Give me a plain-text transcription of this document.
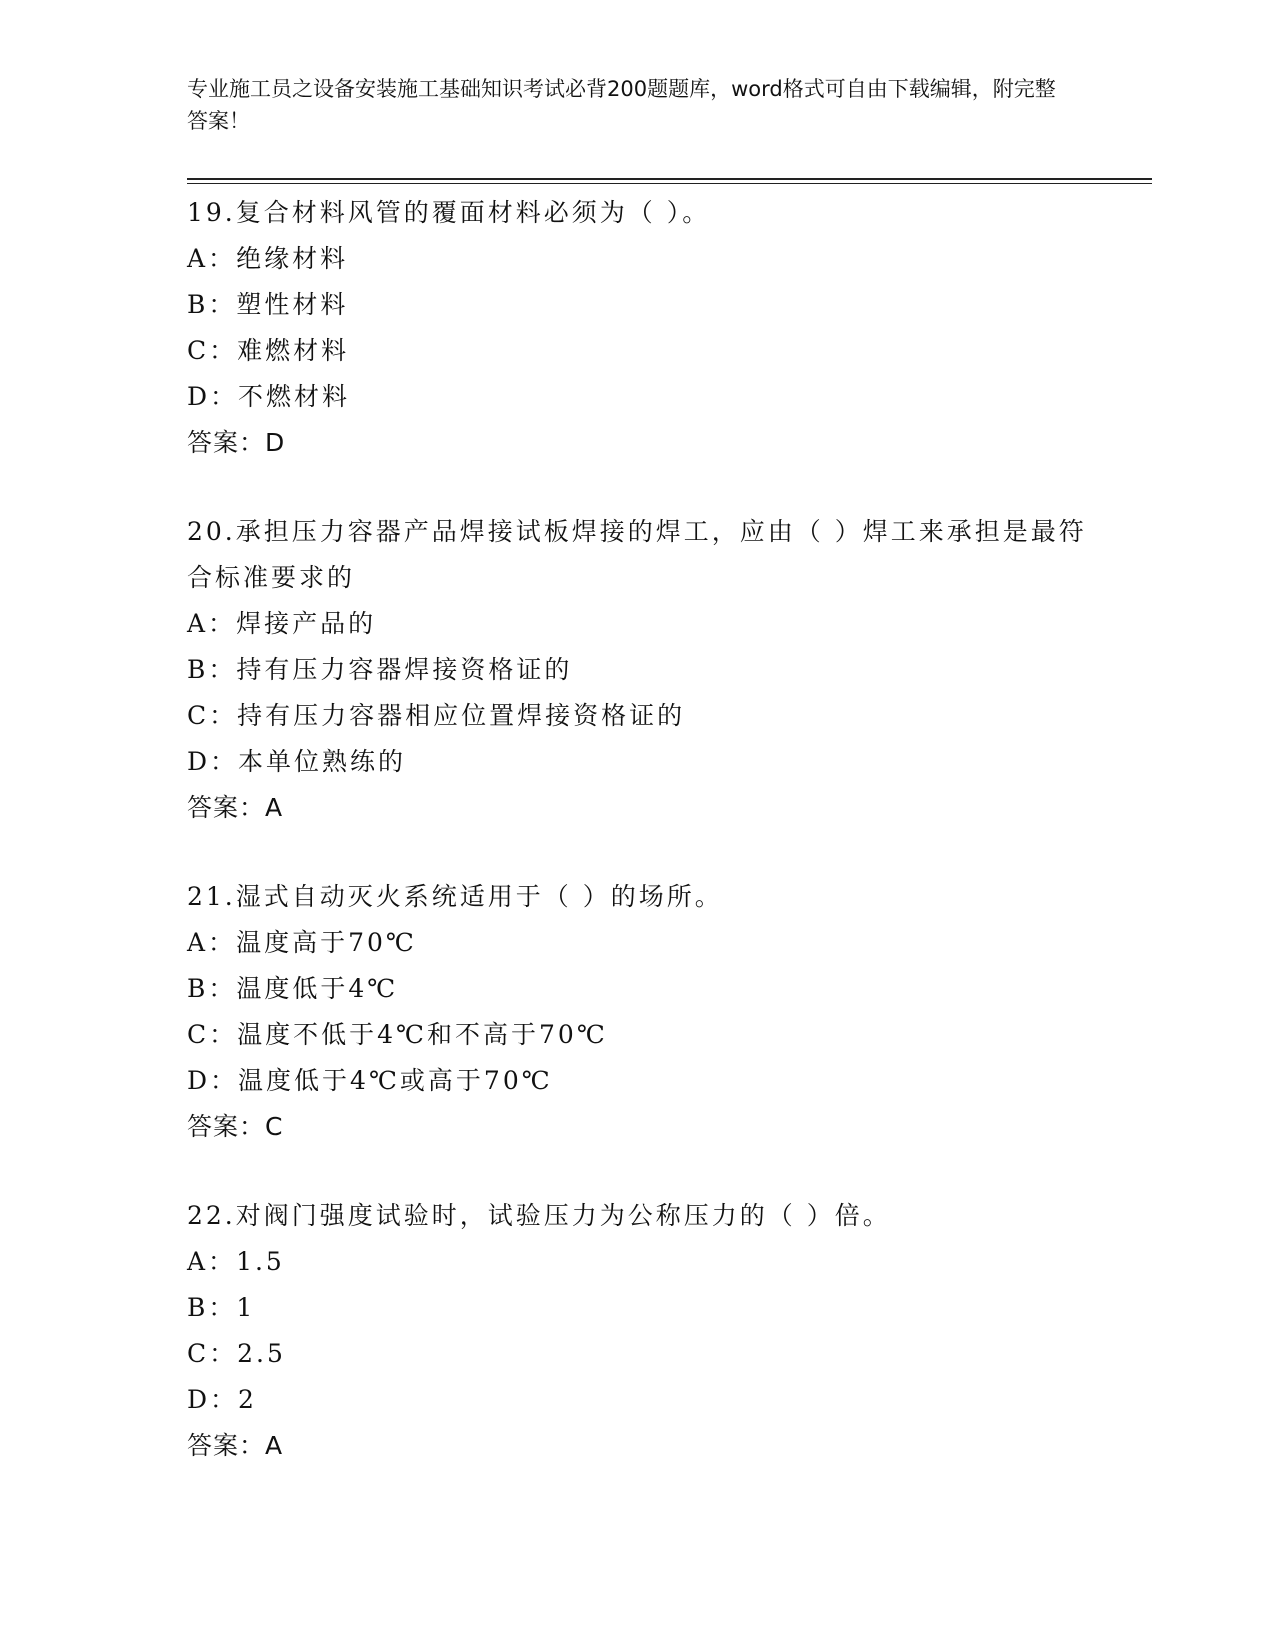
专业施工员之设备安装施工基础知识考试必背200题题库，word格式可自由下载编辑，附完整答案！
19.复合材料风管的覆面材料必须为（ ）。
A：绝缘材料
B：塑性材料
C：难燃材料
D：不燃材料
答案：D
20.承担压力容器产品焊接试板焊接的焊工，应由（ ）焊工来承担是最符合标准要求的
A：焊接产品的
B：持有压力容器焊接资格证的
C：持有压力容器相应位置焊接资格证的
D：本单位熟练的
答案：A
21.湿式自动灭火系统适用于（ ）的场所。
A：温度高于70℃
B：温度低于4℃
C：温度不低于4℃和不高于70℃
D：温度低于4℃或高于70℃
答案：C
22.对阀门强度试验时，试验压力为公称压力的（ ）倍。
A：1.5
B：1
C：2.5
D：2
答案：A
